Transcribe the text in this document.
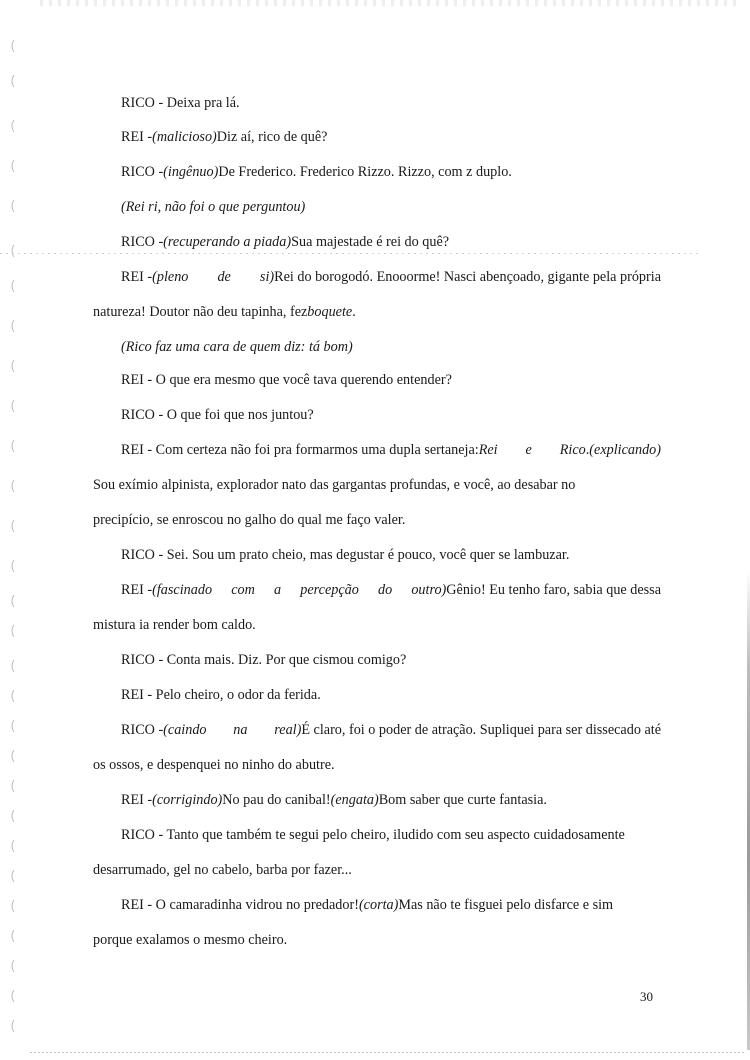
RICO - Deixa pra lá.
REI -(malicioso)Diz aí, rico de quê?
RICO -(ingênuo)De Frederico. Frederico Rizzo. Rizzo, com z duplo.
(Rei ri, não foi o que perguntou)
RICO -(recuperando a piada)Sua majestade é rei do quê?
REI -(pleno de si)Rei do borogodó. Enooorme! Nasci abençoado, gigante pela própria
natureza! Doutor não deu tapinha, fezboquete.
(Rico faz uma cara de quem diz: tá bom)
REI - O que era mesmo que você tava querendo entender?
RICO - O que foi que nos juntou?
REI - Com certeza não foi pra formarmos uma dupla sertaneja:Rei e Rico.(explicando)
Sou exímio alpinista, explorador nato das gargantas profundas, e você, ao desabar no
precipício, se enroscou no galho do qual me faço valer.
RICO - Sei. Sou um prato cheio, mas degustar é pouco, você quer se lambuzar.
REI -(fascinado com a percepção do outro)Gênio! Eu tenho faro, sabia que dessa
mistura ia render bom caldo.
RICO - Conta mais. Diz. Por que cismou comigo?
REI - Pelo cheiro, o odor da ferida.
RICO -(caindo na real)É claro, foi o poder de atração. Supliquei para ser dissecado até
os ossos, e despenquei no ninho do abutre.
REI -(corrigindo)No pau do canibal!(engata)Bom saber que curte fantasia.
RICO - Tanto que também te segui pelo cheiro, iludido com seu aspecto cuidadosamente
desarrumado, gel no cabelo, barba por fazer...
REI - O camaradinha vidrou no predador!(corta)Mas não te fisguei pelo disfarce e sim
porque exalamos o mesmo cheiro.
30
